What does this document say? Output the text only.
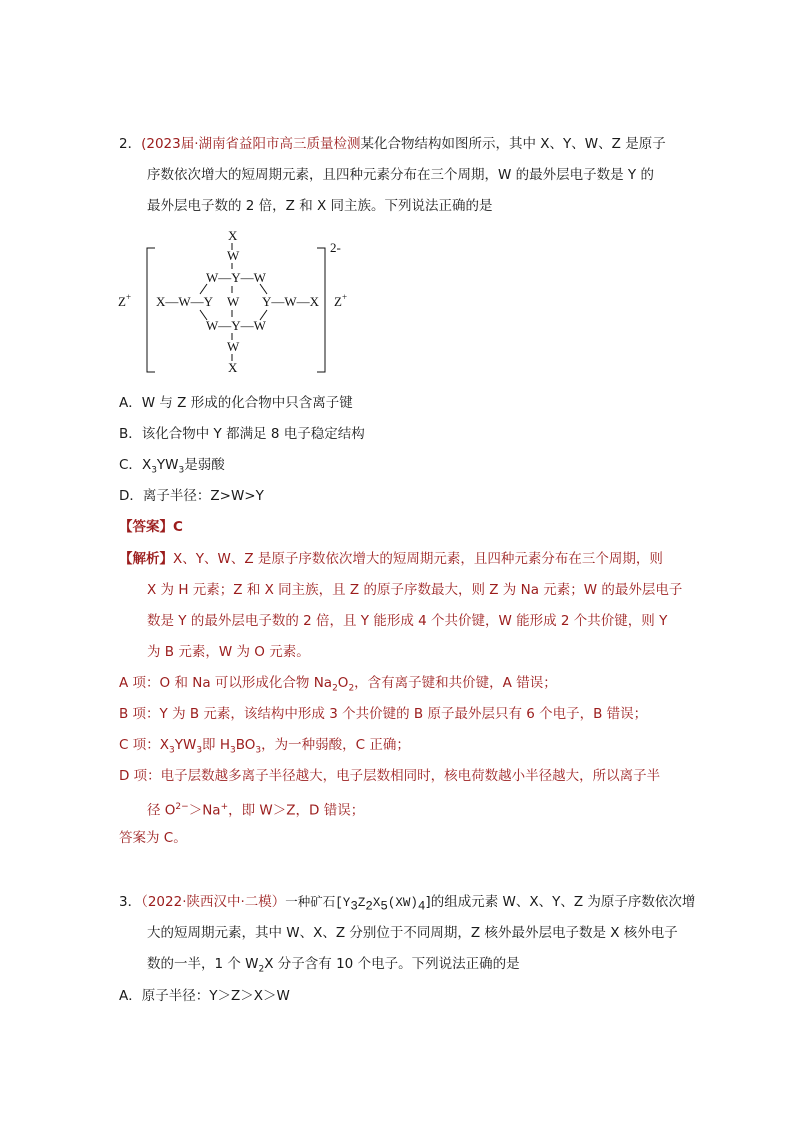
2．(2023届·湖南省益阳市高三质量检测某化合物结构如图所示，其中 X、Y、W、Z 是原子
序数依次增大的短周期元素，且四种元素分布在三个周期，W 的最外层电子数是 Y 的
最外层电子数的 2 倍，Z 和 X 同主族。下列说法正确的是
Z+
2-
Z+
X
W
W—Y—W
X—W—Y W Y—W—X
W—Y—W
W
X
A．W 与 Z 形成的化合物中只含离子键
B．该化合物中 Y 都满足 8 电子稳定结构
C．$X_3YW_3$是弱酸
D．离子半径：Z>W>Y
【答案】C
【解析】X、Y、W、Z 是原子序数依次增大的短周期元素，且四种元素分布在三个周期，则
X 为 H 元素；Z 和 X 同主族，且 Z 的原子序数最大，则 Z 为 Na 元素；W 的最外层电子
数是 Y 的最外层电子数的 2 倍，且 Y 能形成 4 个共价键，W 能形成 2 个共价键，则 Y
为 B 元素，W 为 O 元素。
A 项：O 和 Na 可以形成化合物 $Na_2O_2$，含有离子键和共价键，A 错误；
B 项：Y 为 B 元素，该结构中形成 3 个共价键的 B 原子最外层只有 6 个电子，B 错误；
C 项：$X_3YW_3$即 $H_3BO_3$，为一种弱酸，C 正确；
D 项：电子层数越多离子半径越大，电子层数相同时，核电荷数越小半径越大，所以离子半
径 $O^{2-}>Na^+$，即 W＞Z，D 错误；
答案为 C。
3．（2022·陕西汉中·二模）一种矿石$[Y_3Z_2X_5(XW)_4]$的组成元素 W、X、Y、Z 为原子序数依次增
大的短周期元素，其中 W、X、Z 分别位于不同周期，Z 核外最外层电子数是 X 核外电子
数的一半，1 个 $W_2X$ 分子含有 10 个电子。下列说法正确的是
A．原子半径：Y＞Z＞X＞W
